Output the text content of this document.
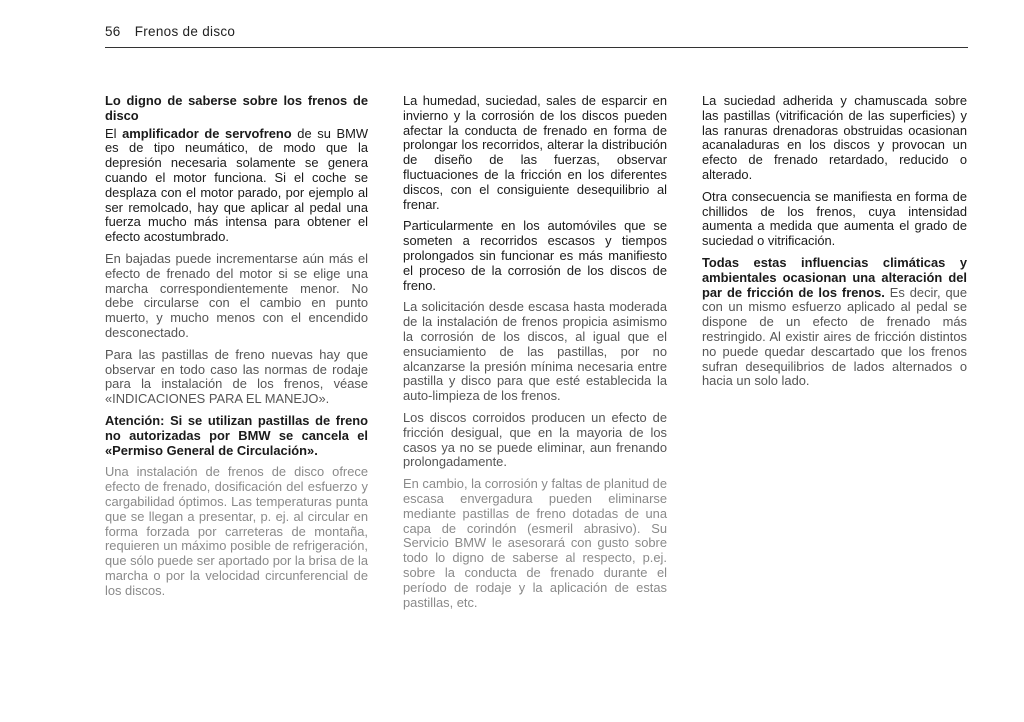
56 Frenos de disco
Lo digno de saberse sobre los frenos de disco

El amplificador de servofreno de su BMW es de tipo neumático, de modo que la depresión necesaria solamente se genera cuando el motor funciona. Si el coche se desplaza con el motor parado, por ejemplo al ser remolcado, hay que aplicar al pedal una fuerza mucho más intensa para obtener el efecto acostumbrado.

En bajadas puede incrementarse aún más el efecto de frenado del motor si se elige una marcha correspondientemente menor. No debe circularse con el cambio en punto muerto, y mucho menos con el encendido desconectado.

Para las pastillas de freno nuevas hay que observar en todo caso las normas de rodaje para la instalación de los frenos, véase «INDICACIONES PARA EL MANEJO».

Atención: Si se utilizan pastillas de freno no autorizadas por BMW se cancela el «Permiso General de Circulación».

Una instalación de frenos de disco ofrece efecto de frenado, dosificación del esfuerzo y cargabilidad óptimos. Las temperaturas punta que se llegan a presentar, p. ej. al circular en forma forzada por carreteras de montaña, requieren un máximo posible de refrigeración, que sólo puede ser aportado por la brisa de la marcha o por la velocidad circunferencial de los discos.

La humedad, suciedad, sales de esparcir en invierno y la corrosión de los discos pueden afectar la conducta de frenado en forma de prolongar los recorridos, alterar la distribución de diseño de las fuerzas, observar fluctuaciones de la fricción en los diferentes discos, con el consiguiente desequilibrio al frenar.

Particularmente en los automóviles que se someten a recorridos escasos y tiempos prolongados sin funcionar es más manifiesto el proceso de la corrosión de los discos de freno.

La solicitación desde escasa hasta moderada de la instalación de frenos propicia asimismo la corrosión de los discos, al igual que el ensuciamiento de las pastillas, por no alcanzarse la presión mínima necesaria entre pastilla y disco para que esté establecida la auto-limpieza de los frenos.

Los discos corroidos producen un efecto de fricción desigual, que en la mayoria de los casos ya no se puede eliminar, aun frenando prolongadamente.

En cambio, la corrosión y faltas de planitud de escasa envergadura pueden eliminarse mediante pastillas de freno dotadas de una capa de corindón (esmeril abrasivo). Su Servicio BMW le asesorará con gusto sobre todo lo digno de saberse al respecto, p.ej. sobre la conducta de frenado durante el período de rodaje y la aplicación de estas pastillas, etc.

La suciedad adherida y chamuscada sobre las pastillas (vitrificación de las superficies) y las ranuras drenadoras obstruidas ocasionan acanaladuras en los discos y provocan un efecto de frenado retardado, reducido o alterado.

Otra consecuencia se manifiesta en forma de chillidos de los frenos, cuya intensidad aumenta a medida que aumenta el grado de suciedad o vitrificación.

Todas estas influencias climáticas y ambientales ocasionan una alteración del par de fricción de los frenos. Es decir, que con un mismo esfuerzo aplicado al pedal se dispone de un efecto de frenado más restringido. Al existir aires de fricción distintos no puede quedar descartado que los frenos sufran desequilibrios de lados alternados o hacia un solo lado.
